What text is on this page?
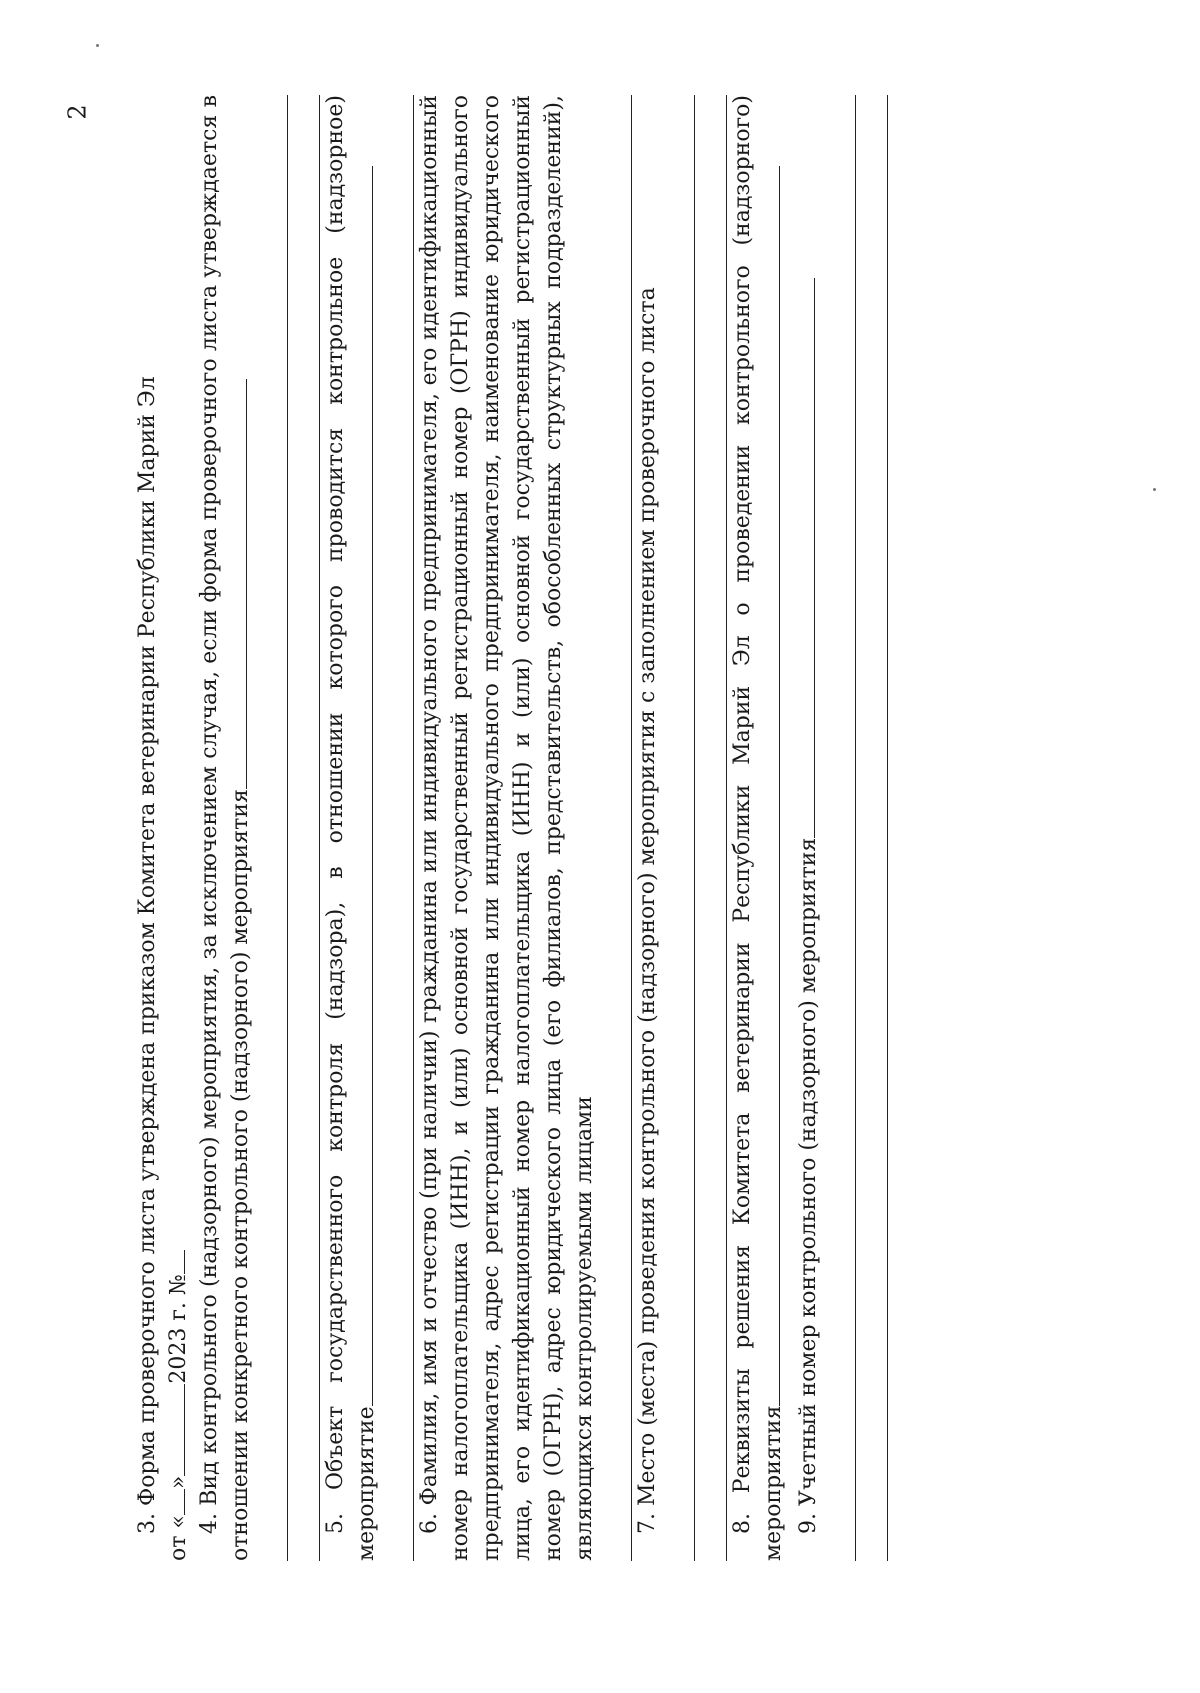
2
3. Форма проверочного листа утверждена приказом Комитета ветеринарии Республики Марий Эл
от «»2023 г. № 4. Вид контрольного (надзорного) мероприятия, за исключением случая, если форма проверочного листа утверждается в отношении конкретного контрольного (надзорного) мероприятия	5. Объект государственного контроля (надзора), в отношении которого проводится контрольное (надзорное) мероприятие 6. Фамилия, имя и отчество (при наличии) гражданина или индивидуального предпринимателя, его идентификационный номер налогоплательщика (ИНН), и (или) основной государственный регистрационный номер (ОГРН) индивидуального предпринимателя, адрес регистрации гражданина или индивидуального предпринимателя, наименование юридического лица, его идентификационный номер налогоплательщика (ИНН) и (или) основной государственный регистрационный номер (ОГРН), адрес юридического лица (его филиалов, представительств, обособленных структурных подразделений), являющихся контролируемыми лицами 7. Место (места) проведения контрольного (надзорного) мероприятия с заполнением проверочного листа	8. Реквизиты решения Комитета ветеринарии Республики Марий Эл о проведении контрольного (надзорного) мероприятия 9. Учетный номер контрольного (надзорного) мероприятия
